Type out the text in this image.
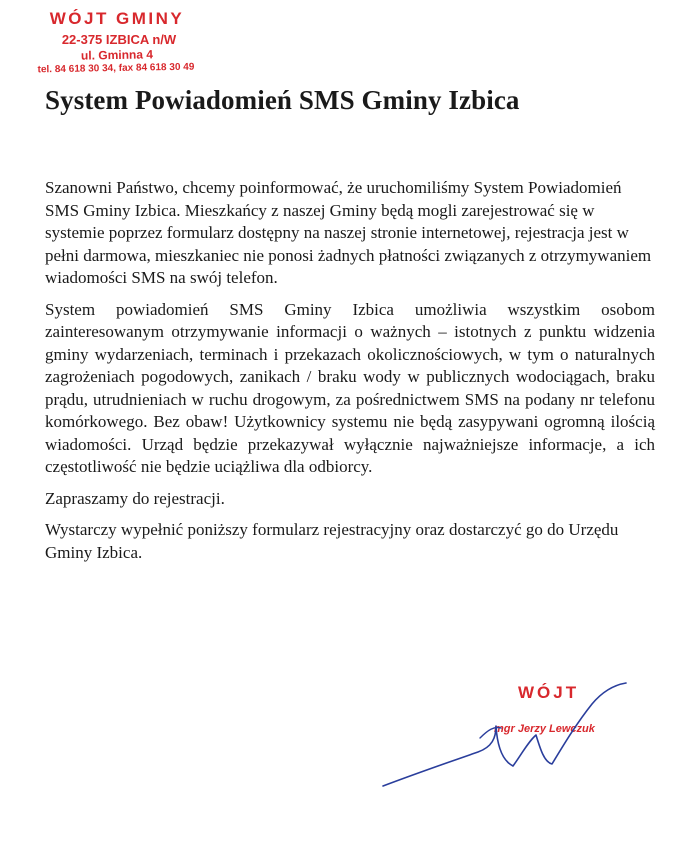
WÓJT GMINY
22-375 IZBICA n/W
ul. Gminna 4
tel. 84 618 30 34, fax 84 618 30 49
System Powiadomień SMS Gminy Izbica

Szanowni Państwo, chcemy poinformować, że uruchomiliśmy System Powiadomień SMS Gminy Izbica. Mieszkańcy z naszej Gminy będą mogli zarejestrować się w systemie poprzez formularz dostępny na naszej stronie internetowej, rejestracja jest w pełni darmowa, mieszkaniec nie ponosi żadnych płatności związanych z otrzymywaniem wiadomości SMS na swój telefon.

System powiadomień SMS Gminy Izbica umożliwia wszystkim osobom zainteresowanym otrzymywanie informacji o ważnych – istotnych z punktu widzenia gminy wydarzeniach, terminach i przekazach okolicznościowych, w tym o naturalnych zagrożeniach pogodowych, zanikach / braku wody w publicznych wodociągach, braku prądu, utrudnieniach w ruchu drogowym, za pośrednictwem SMS na podany nr telefonu komórkowego. Bez obaw! Użytkownicy systemu nie będą zasypywani ogromną ilością wiadomości. Urząd będzie przekazywał wyłącznie najważniejsze informacje, a ich częstotliwość nie będzie uciążliwa dla odbiorcy.

Zapraszamy do rejestracji.

Wystarczy wypełnić poniższy formularz rejestracyjny oraz dostarczyć go do Urzędu Gminy Izbica.

WÓJT
mgr Jerzy Lewczuk
